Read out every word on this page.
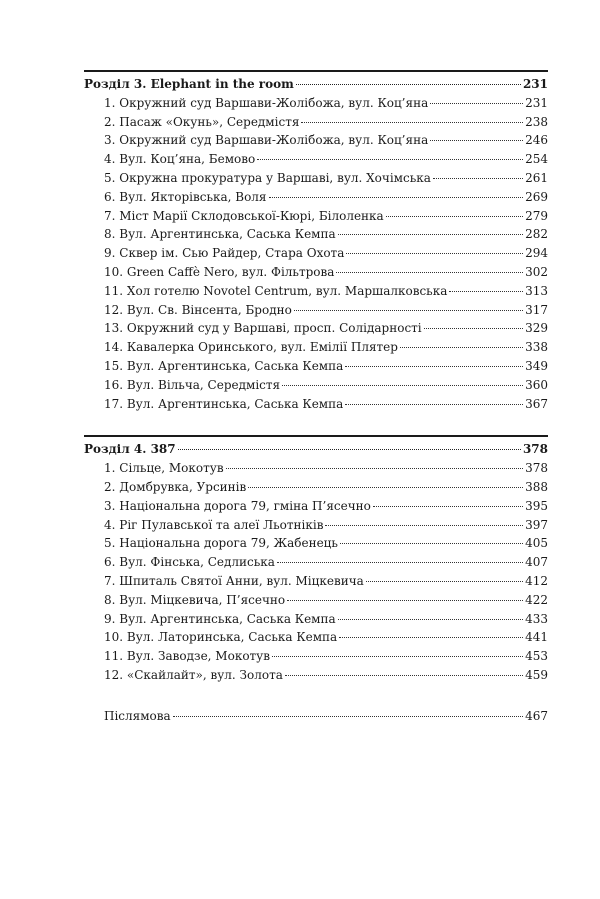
Розділ 3. Elephant in the room	231
1. Окружний суд Варшави-Жолібожа, вул. Коц’яна	231
2. Пасаж «Окунь», Середмістя	238
3. Окружний суд Варшави-Жолібожа, вул. Коц’яна	246
4. Вул. Коц’яна, Бемово	254
5. Окружна прокуратура у Варшаві, вул. Хочімська	261
6. Вул. Якторівська, Воля	269
7. Міст Марії Склодовської-Кюрі, Білоленка	279
8. Вул. Аргентинська, Саська Кемпа	282
9. Сквер ім. Сью Райдер, Стара Охота	294
10. Green Caffè Nero, вул. Фільтрова	302
11. Хол готелю Novotel Centrum, вул. Маршалковська	313
12. Вул. Св. Вінсента, Бродно	317
13. Окружний суд у Варшаві, просп. Солідарності	329
14. Кавалерка Оринського, вул. Емілії Плятер	338
15. Вул. Аргентинська, Саська Кемпа	349
16. Вул. Вільча, Середмістя	360
17. Вул. Аргентинська, Саська Кемпа	367
Розділ 4. 387	378
1. Сільце, Мокотув	378
2. Домбрувка, Урсинів	388
3. Національна дорога 79, гміна П’ясечно	395
4. Ріг Пулавської та алеї Льотніків	397
5. Національна дорога 79, Жабенець	405
6. Вул. Фінська, Седлиська	407
7. Шпиталь Святої Анни, вул. Міцкевича	412
8. Вул. Міцкевича, П’ясечно	422
9. Вул. Аргентинська, Саська Кемпа	433
10. Вул. Латоринська, Саська Кемпа	441
11. Вул. Заводзе, Мокотув	453
12. «Скайлайт», вул. Золота	459
Післямова	467
